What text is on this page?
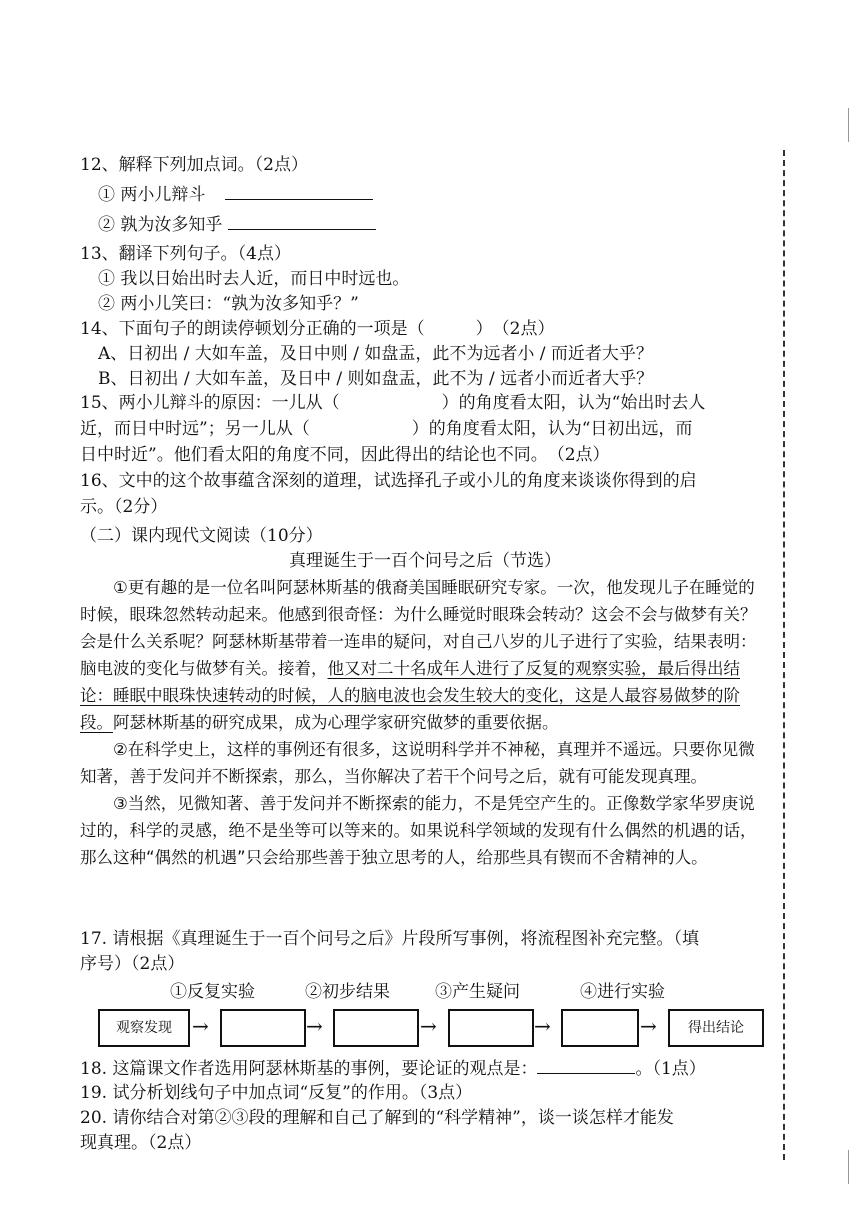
12、解释下列加点词。（2点）
① 两小儿辩斗
② 孰为汝多知乎
13、翻译下列句子。（4点）
① 我以日始出时去人近，而日中时远也。
② 两小儿笑曰：“孰为汝多知乎？”
14、下面句子的朗读停顿划分正确的一项是（　　　）　（2点）
A、日初出 / 大如车盖，及日中则 / 如盘盂，此不为远者小 / 而近者大乎？
B、日初出 / 大如车盖，及日中 / 则如盘盂，此不为 / 远者小而近者大乎？
15、两小儿辩斗的原因：一儿从（　　　　　　）的角度看太阳，认为“始出时去人
近，而日中时远”；另一儿从（　　　　　　）的角度看太阳，认为“日初出远，而
日中时近”。他们看太阳的角度不同，因此得出的结论也不同。　（2点）
16、文中的这个故事蕴含深刻的道理，试选择孔子或小儿的角度来谈谈你得到的启
示。（2分）
（二）课内现代文阅读（10分）
真理诞生于一百个问号之后（节选）

①更有趣的是一位名叫阿瑟林斯基的俄裔美国睡眠研究专家。一次，他发现儿子在睡觉的时候，眼珠忽然转动起来。他感到很奇怪：为什么睡觉时眼珠会转动？这会不会与做梦有关？会是什么关系呢？阿瑟林斯基带着一连串的疑问，对自己八岁的儿子进行了实验，结果表明：脑电波的变化与做梦有关。接着，他又对二十名成年人进行了反复的观察实验，最后得出结论：睡眠中眼珠快速转动的时候，人的脑电波也会发生较大的变化，这是人最容易做梦的阶段。阿瑟林斯基的研究成果，成为心理学家研究做梦的重要依据。

②在科学史上，这样的事例还有很多，这说明科学并不神秘，真理并不遥远。只要你见微知著，善于发问并不断探索，那么，当你解决了若干个问号之后，就有可能发现真理。

③当然，见微知著、善于发问并不断探索的能力，不是凭空产生的。正像数学家华罗庚说过的，科学的灵感，绝不是坐等可以等来的。如果说科学领域的发现有什么偶然的机遇的话，那么这种“偶然的机遇”只会给那些善于独立思考的人，给那些具有锲而不舍精神的人。

17. 请根据《真理诞生于一百个问号之后》片段所写事例，将流程图补充完整。（填
序号）（2点）
①反复实验	②初步结果	③产生疑问	④进行实验
观察发现	→	→	→	→	→	得出结论
18. 这篇课文作者选用阿瑟林斯基的事例，要论证的观点是：	。（1点）
19. 试分析划线句子中加点词“反复”的作用。（3点）
20. 请你结合对第②③段的理解和自己了解到的“科学精神”，谈一谈怎样才能发
现真理。（2点）
